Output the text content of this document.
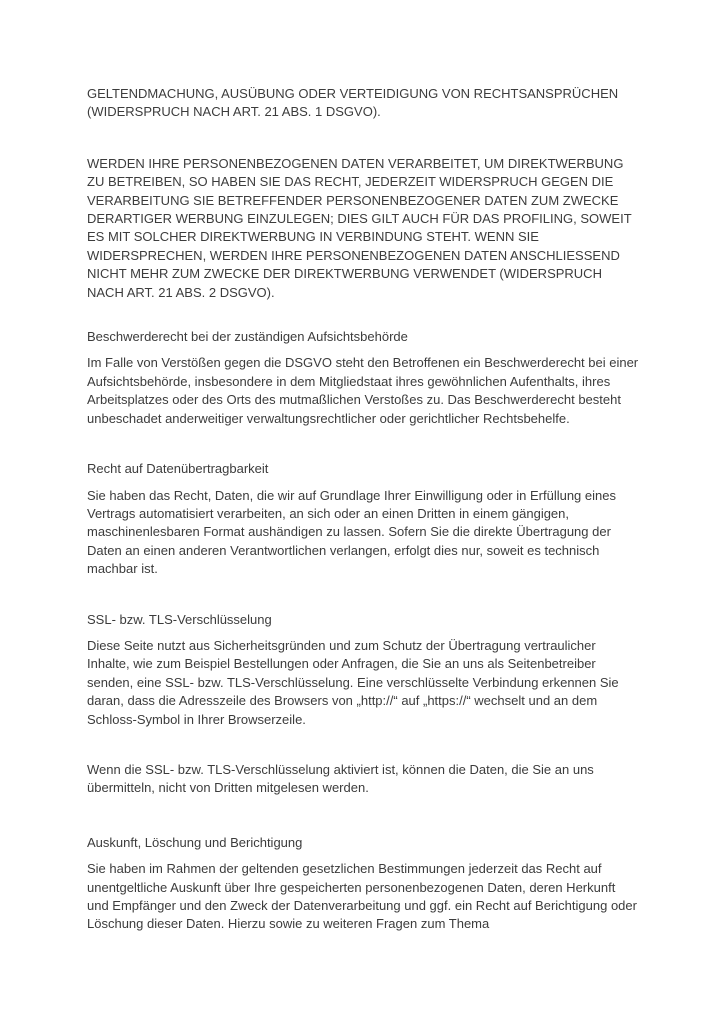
GELTENDMACHUNG, AUSÜBUNG ODER VERTEIDIGUNG VON RECHTSANSPRÜCHEN (WIDERSPRUCH NACH ART. 21 ABS. 1 DSGVO).
WERDEN IHRE PERSONENBEZOGENEN DATEN VERARBEITET, UM DIREKTWERBUNG ZU BETREIBEN, SO HABEN SIE DAS RECHT, JEDERZEIT WIDERSPRUCH GEGEN DIE VERARBEITUNG SIE BETREFFENDER PERSONENBEZOGENER DATEN ZUM ZWECKE DERARTIGER WERBUNG EINZULEGEN; DIES GILT AUCH FÜR DAS PROFILING, SOWEIT ES MIT SOLCHER DIREKTWERBUNG IN VERBINDUNG STEHT. WENN SIE WIDERSPRECHEN, WERDEN IHRE PERSONENBEZOGENEN DATEN ANSCHLIESSEND NICHT MEHR ZUM ZWECKE DER DIREKTWERBUNG VERWENDET (WIDERSPRUCH NACH ART. 21 ABS. 2 DSGVO).
Beschwerderecht bei der zuständigen Aufsichtsbehörde
Im Falle von Verstößen gegen die DSGVO steht den Betroffenen ein Beschwerderecht bei einer Aufsichtsbehörde, insbesondere in dem Mitgliedstaat ihres gewöhnlichen Aufenthalts, ihres Arbeitsplatzes oder des Orts des mutmaßlichen Verstoßes zu. Das Beschwerderecht besteht unbeschadet anderweitiger verwaltungsrechtlicher oder gerichtlicher Rechtsbehelfe.
Recht auf Datenübertragbarkeit
Sie haben das Recht, Daten, die wir auf Grundlage Ihrer Einwilligung oder in Erfüllung eines Vertrags automatisiert verarbeiten, an sich oder an einen Dritten in einem gängigen, maschinenlesbaren Format aushändigen zu lassen. Sofern Sie die direkte Übertragung der Daten an einen anderen Verantwortlichen verlangen, erfolgt dies nur, soweit es technisch machbar ist.
SSL- bzw. TLS-Verschlüsselung
Diese Seite nutzt aus Sicherheitsgründen und zum Schutz der Übertragung vertraulicher Inhalte, wie zum Beispiel Bestellungen oder Anfragen, die Sie an uns als Seitenbetreiber senden, eine SSL- bzw. TLS-Verschlüsselung. Eine verschlüsselte Verbindung erkennen Sie daran, dass die Adresszeile des Browsers von „http://“ auf „https://“ wechselt und an dem Schloss-Symbol in Ihrer Browserzeile.
Wenn die SSL- bzw. TLS-Verschlüsselung aktiviert ist, können die Daten, die Sie an uns übermitteln, nicht von Dritten mitgelesen werden.
Auskunft, Löschung und Berichtigung
Sie haben im Rahmen der geltenden gesetzlichen Bestimmungen jederzeit das Recht auf unentgeltliche Auskunft über Ihre gespeicherten personenbezogenen Daten, deren Herkunft und Empfänger und den Zweck der Datenverarbeitung und ggf. ein Recht auf Berichtigung oder Löschung dieser Daten. Hierzu sowie zu weiteren Fragen zum Thema
